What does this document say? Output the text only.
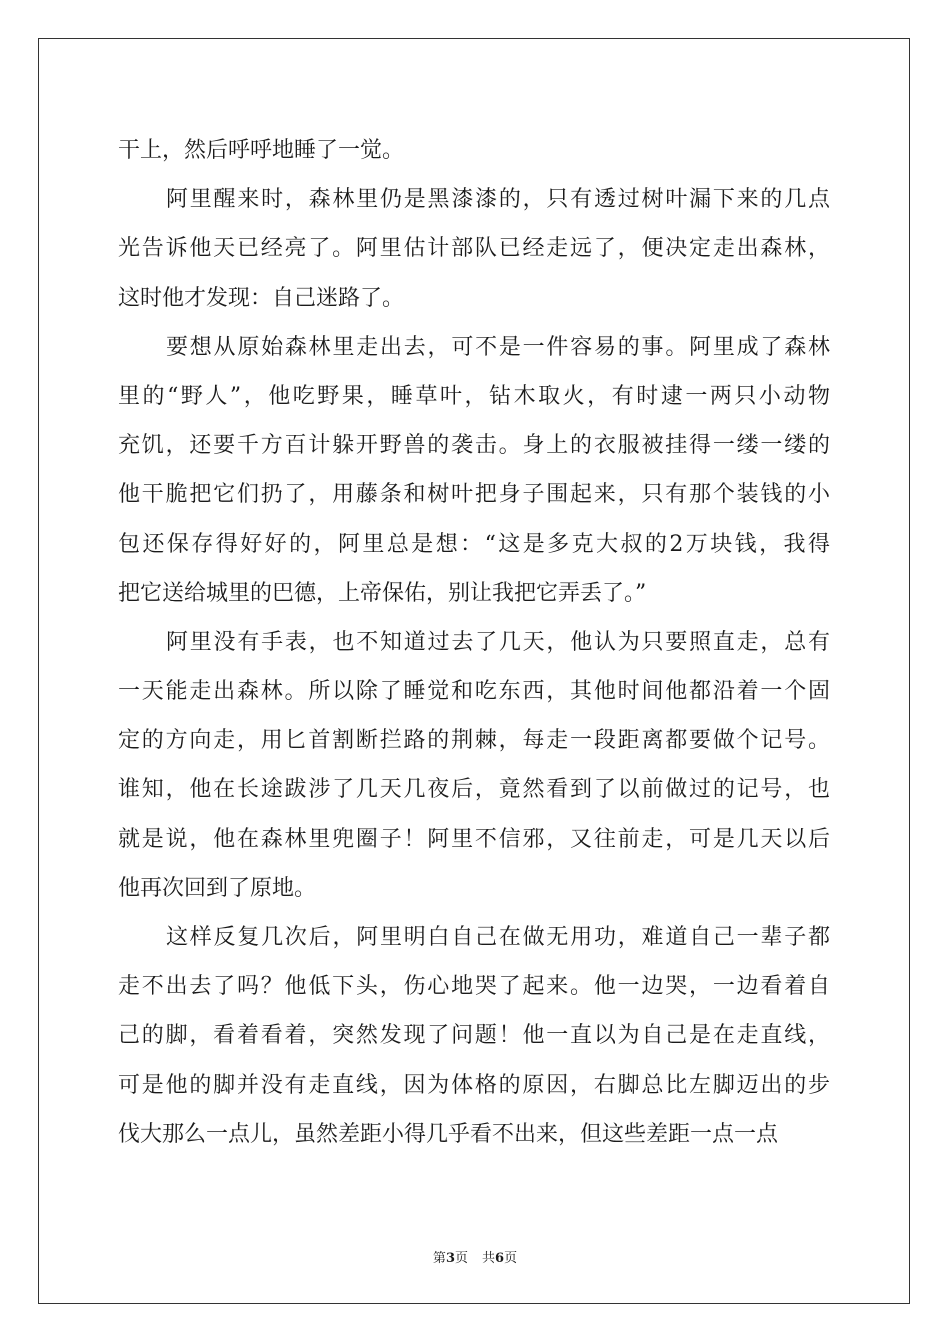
干上，然后呼呼地睡了一觉。
阿里醒来时，森林里仍是黑漆漆的，只有透过树叶漏下来的几点
光告诉他天已经亮了。阿里估计部队已经走远了，便决定走出森林，
这时他才发现：自己迷路了。
要想从原始森林里走出去，可不是一件容易的事。阿里成了森林
里的“野人”，他吃野果，睡草叶，钻木取火，有时逮一两只小动物
充饥，还要千方百计躲开野兽的袭击。身上的衣服被挂得一缕一缕的
他干脆把它们扔了，用藤条和树叶把身子围起来，只有那个装钱的小
包还保存得好好的，阿里总是想：“这是多克大叔的2万块钱，我得
把它送给城里的巴德，上帝保佑，别让我把它弄丢了。”
阿里没有手表，也不知道过去了几天，他认为只要照直走，总有
一天能走出森林。所以除了睡觉和吃东西，其他时间他都沿着一个固
定的方向走，用匕首割断拦路的荆棘，每走一段距离都要做个记号。
谁知，他在长途跋涉了几天几夜后，竟然看到了以前做过的记号，也
就是说，他在森林里兜圈子！阿里不信邪，又往前走，可是几天以后
他再次回到了原地。
这样反复几次后，阿里明白自己在做无用功，难道自己一辈子都
走不出去了吗？他低下头，伤心地哭了起来。他一边哭，一边看着自
己的脚，看着看着，突然发现了问题！他一直以为自己是在走直线，
可是他的脚并没有走直线，因为体格的原因，右脚总比左脚迈出的步
伐大那么一点儿，虽然差距小得几乎看不出来，但这些差距一点一点
第3页 共6页
